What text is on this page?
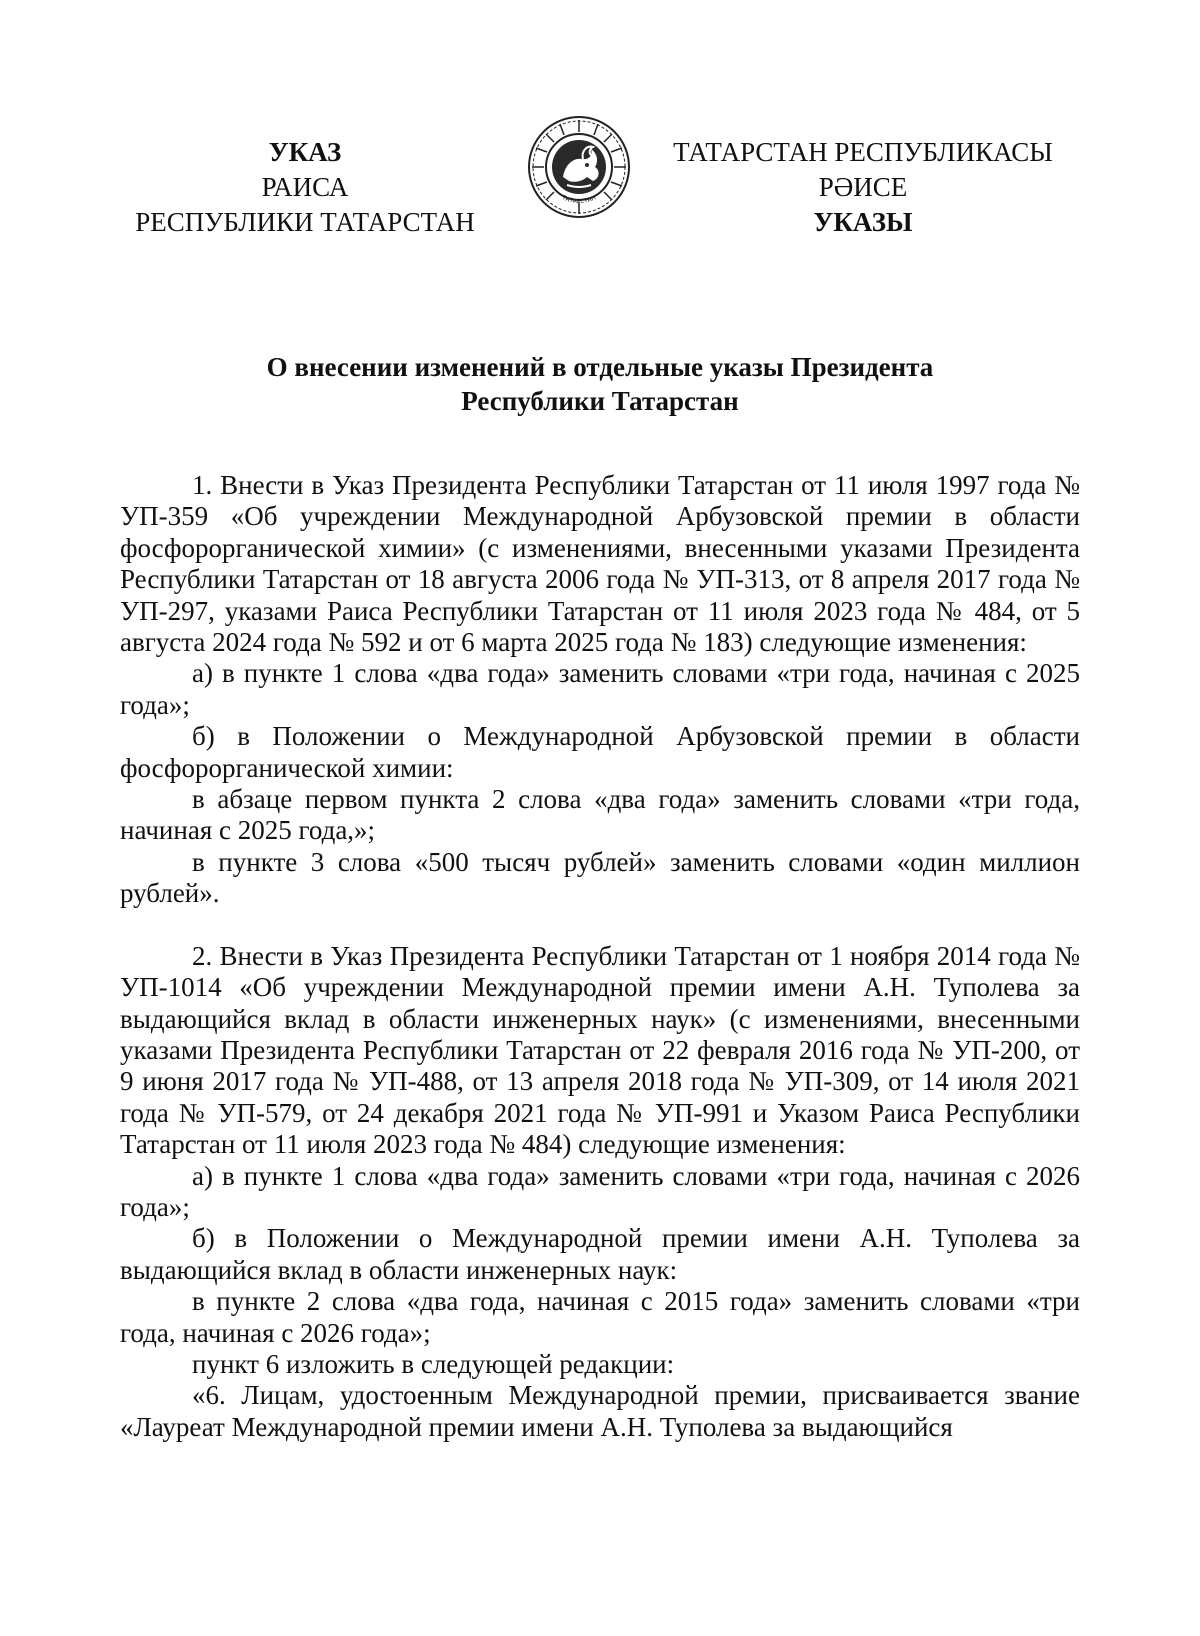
УКАЗ
РАИСА
РЕСПУБЛИКИ ТАТАРСТАН
ТАТАРСТАН
ТАТАРСТАН РЕСПУБЛИКАСЫ
РӘИСЕ
УКАЗЫ
О внесении изменений в отдельные указы Президента
Республики Татарстан

1. Внести в Указ Президента Республики Татарстан от 11 июля 1997 года № УП-359 «Об учреждении Международной Арбузовской премии в области фосфорорганической химии» (с изменениями, внесенными указами Президента Республики Татарстан от 18 августа 2006 года № УП-313, от 8 апреля 2017 года № УП-297, указами Раиса Республики Татарстан от 11 июля 2023 года № 484, от 5 августа 2024 года № 592 и от 6 марта 2025 года № 183) следующие изменения:

а) в пункте 1 слова «два года» заменить словами «три года, начиная с 2025 года»;

б) в Положении о Международной Арбузовской премии в области фосфорорганической химии:

в абзаце первом пункта 2 слова «два года» заменить словами «три года, начиная с 2025 года,»;

в пункте 3 слова «500 тысяч рублей» заменить словами «один миллион рублей».

2. Внести в Указ Президента Республики Татарстан от 1 ноября 2014 года № УП-1014 «Об учреждении Международной премии имени А.Н. Туполева за выдающийся вклад в области инженерных наук» (с изменениями, внесенными указами Президента Республики Татарстан от 22 февраля 2016 года № УП-200, от 9 июня 2017 года № УП-488, от 13 апреля 2018 года № УП-309, от 14 июля 2021 года № УП-579, от 24 декабря 2021 года № УП-991 и Указом Раиса Республики Татарстан от 11 июля 2023 года № 484) следующие изменения:

а) в пункте 1 слова «два года» заменить словами «три года, начиная с 2026 года»;

б) в Положении о Международной премии имени А.Н. Туполева за выдающийся вклад в области инженерных наук:

в пункте 2 слова «два года, начиная с 2015 года» заменить словами «три года, начиная с 2026 года»;

пункт 6 изложить в следующей редакции:

«6. Лицам, удостоенным Международной премии, присваивается звание «Лауреат Международной премии имени А.Н. Туполева за выдающийся
